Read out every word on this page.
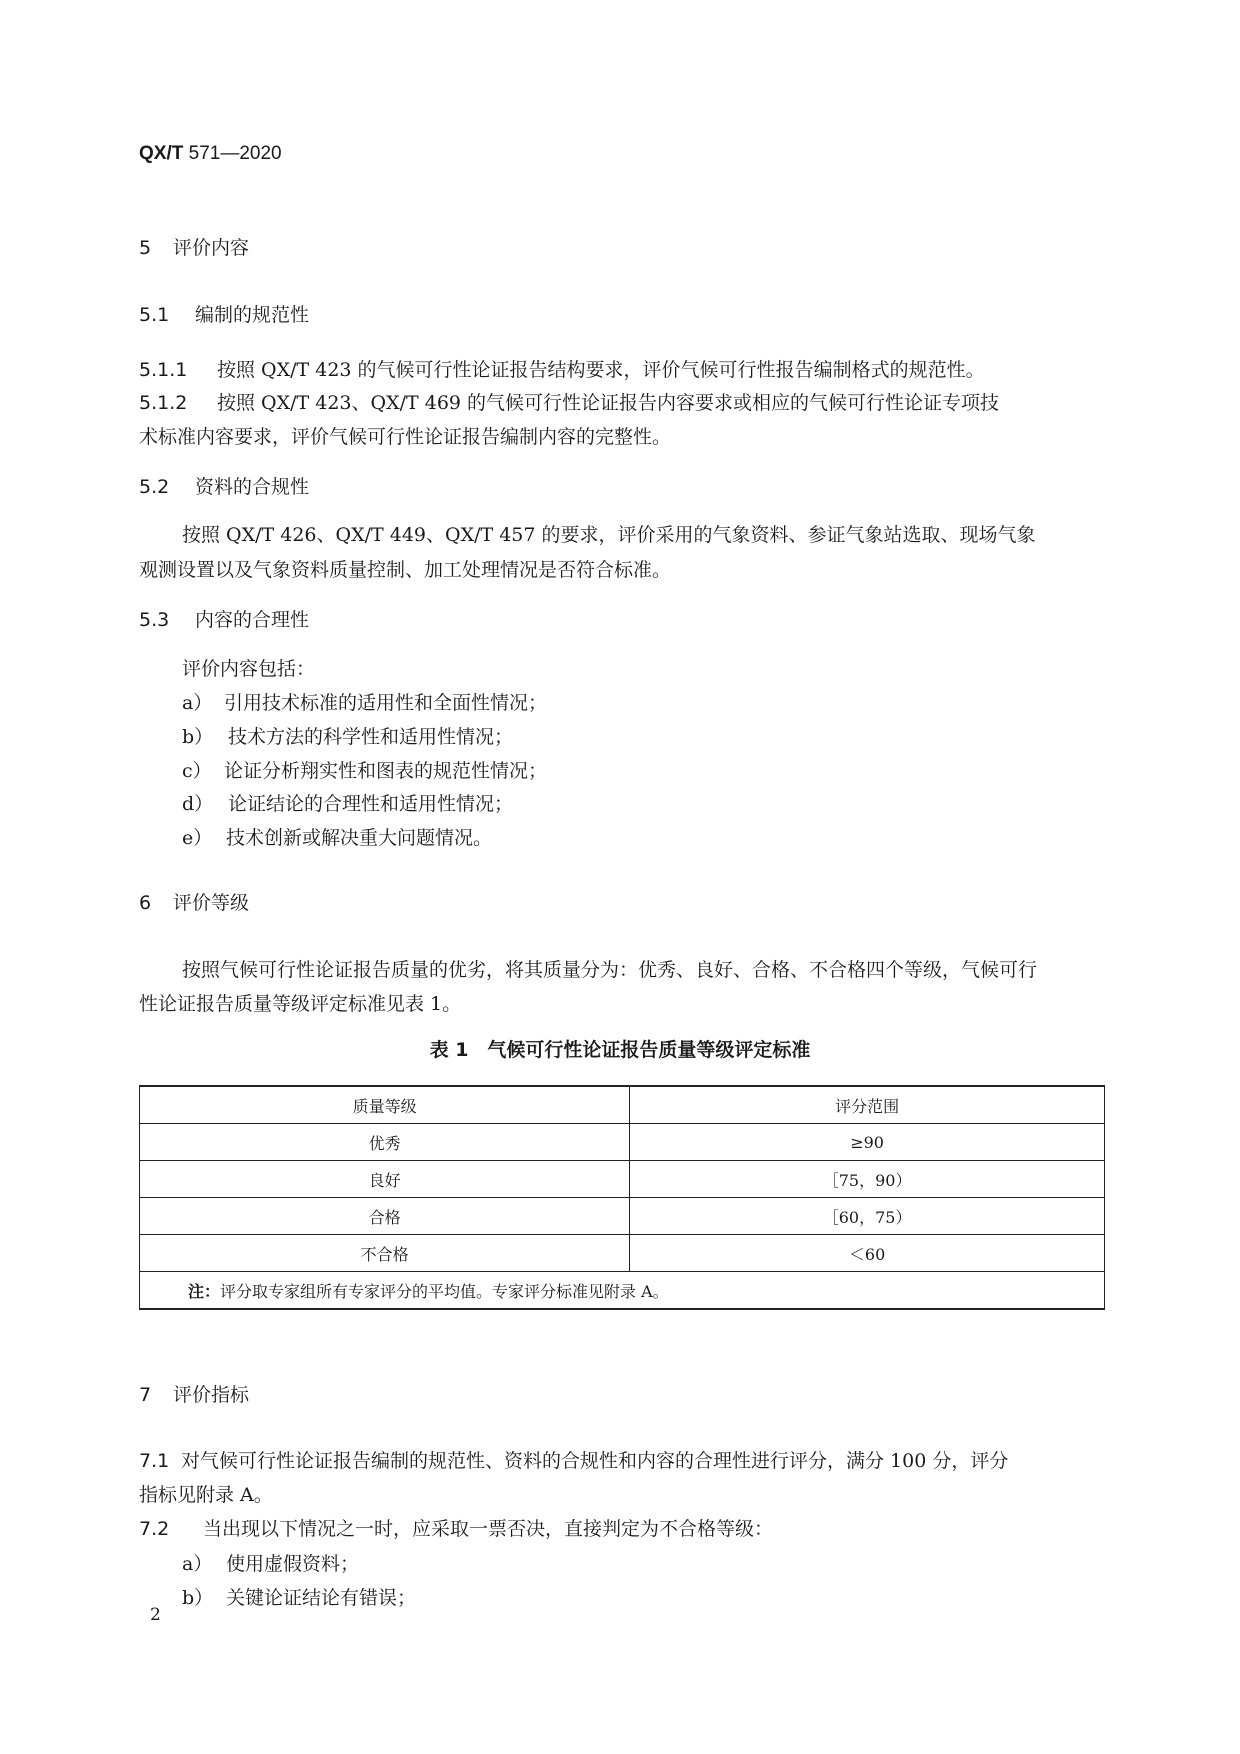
QX/T 571—2020
5 评价内容
5.1 编制的规范性
5.1.1 按照 QX/T 423 的气候可行性论证报告结构要求，评价气候可行性报告编制格式的规范性。
5.1.2 按照 QX/T 423、QX/T 469 的气候可行性论证报告内容要求或相应的气候可行性论证专项技
术标准内容要求，评价气候可行性论证报告编制内容的完整性。
5.2 资料的合规性
按照 QX/T 426、QX/T 449、QX/T 457 的要求，评价采用的气象资料、参证气象站选取、现场气象
观测设置以及气象资料质量控制、加工处理情况是否符合标准。
5.3 内容的合理性
评价内容包括：
a） 引用技术标准的适用性和全面性情况；
b） 技术方法的科学性和适用性情况；
c） 论证分析翔实性和图表的规范性情况；
d） 论证结论的合理性和适用性情况；
e） 技术创新或解决重大问题情况。
6 评价等级
按照气候可行性论证报告质量的优劣，将其质量分为：优秀、良好、合格、不合格四个等级，气候可行
性论证报告质量等级评定标准见表 1。
表 1　气候可行性论证报告质量等级评定标准
质量等级	评分范围
优秀	≥90
良好	［75，90）
合格	［60，75）
不合格	＜60
注：评分取专家组所有专家评分的平均值。专家评分标准见附录 A。	
7 评价指标
7.1 对气候可行性论证报告编制的规范性、资料的合规性和内容的合理性进行评分，满分 100 分，评分
指标见附录 A。
7.2 当出现以下情况之一时，应采取一票否决，直接判定为不合格等级：
a） 使用虚假资料；
b） 关键论证结论有错误；
2
